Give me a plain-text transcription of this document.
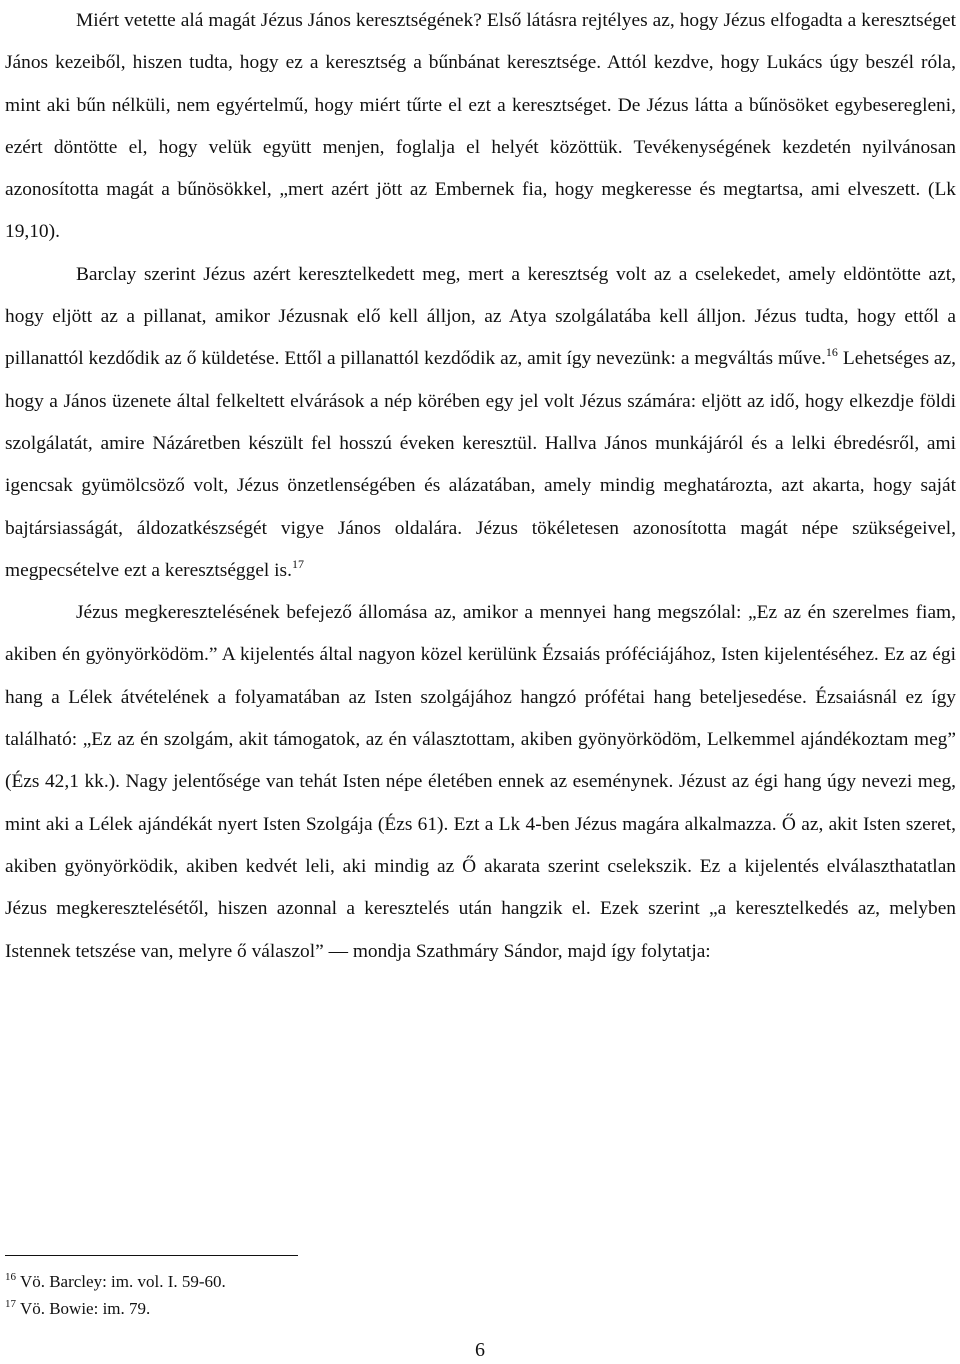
Miért vetette alá magát Jézus János keresztségének? Első látásra rejtélyes az, hogy Jézus elfogadta a keresztséget János kezeiből, hiszen tudta, hogy ez a keresztség a bűnbánat keresztsége. Attól kezdve, hogy Lukács úgy beszél róla, mint aki bűn nélküli, nem egyértelmű, hogy miért tűrte el ezt a keresztséget. De Jézus látta a bűnösöket egybeseregleni, ezért döntötte el, hogy velük együtt menjen, foglalja el helyét közöttük. Tevékenységének kezdetén nyilvánosan azonosította magát a bűnösökkel, „mert azért jött az Embernek fia, hogy megkeresse és megtartsa, ami elveszett. (Lk 19,10).

Barclay szerint Jézus azért keresztelkedett meg, mert a keresztség volt az a cselekedet, amely eldöntötte azt, hogy eljött az a pillanat, amikor Jézusnak elő kell álljon, az Atya szolgálatába kell álljon. Jézus tudta, hogy ettől a pillanattól kezdődik az ő küldetése. Ettől a pillanattól kezdődik az, amit így nevezünk: a megváltás műve.$^{16}$ Lehetséges az, hogy a János üzenete által felkeltett elvárások a nép körében egy jel volt Jézus számára: eljött az idő, hogy elkezdje földi szolgálatát, amire Názáretben készült fel hosszú éveken keresztül. Hallva János munkájáról és a lelki ébredésről, ami igencsak gyümölcsöző volt, Jézus önzetlenségében és alázatában, amely mindig meghatározta, azt akarta, hogy saját bajtársiasságát, áldozatkészségét vigye János oldalára. Jézus tökéletesen azonosította magát népe szükségeivel, megpecsételve ezt a keresztséggel is.$^{17}$

Jézus megkeresztelésének befejező állomása az, amikor a mennyei hang megszólal: „Ez az én szerelmes fiam, akiben én gyönyörködöm.” A kijelentés által nagyon közel kerülünk Ézsaiás próféciájához, Isten kijelentéséhez. Ez az égi hang a Lélek átvételének a folyamatában az Isten szolgájához hangzó prófétai hang beteljesedése. Ézsaiásnál ez így található: „Ez az én szolgám, akit támogatok, az én választottam, akiben gyönyörködöm, Lelkemmel ajándékoztam meg” (Ézs 42,1 kk.). Nagy jelentősége van tehát Isten népe életében ennek az eseménynek. Jézust az égi hang úgy nevezi meg, mint aki a Lélek ajándékát nyert Isten Szolgája (Ézs 61). Ezt a Lk 4-ben Jézus magára alkalmazza. Ő az, akit Isten szeret, akiben gyönyörködik, akiben kedvét leli, aki mindig az Ő akarata szerint cselekszik. Ez a kijelentés elválaszthatatlan Jézus megkeresztelésétől, hiszen azonnal a keresztelés után hangzik el. Ezek szerint „a keresztelkedés az, melyben Istennek tetszése van, melyre ő válaszol” — mondja Szathmáry Sándor, majd így folytatja:

$^{16}$ Vö. Barcley: im. vol. I. 59-60.

$^{17}$ Vö. Bowie: im. 79.

6
